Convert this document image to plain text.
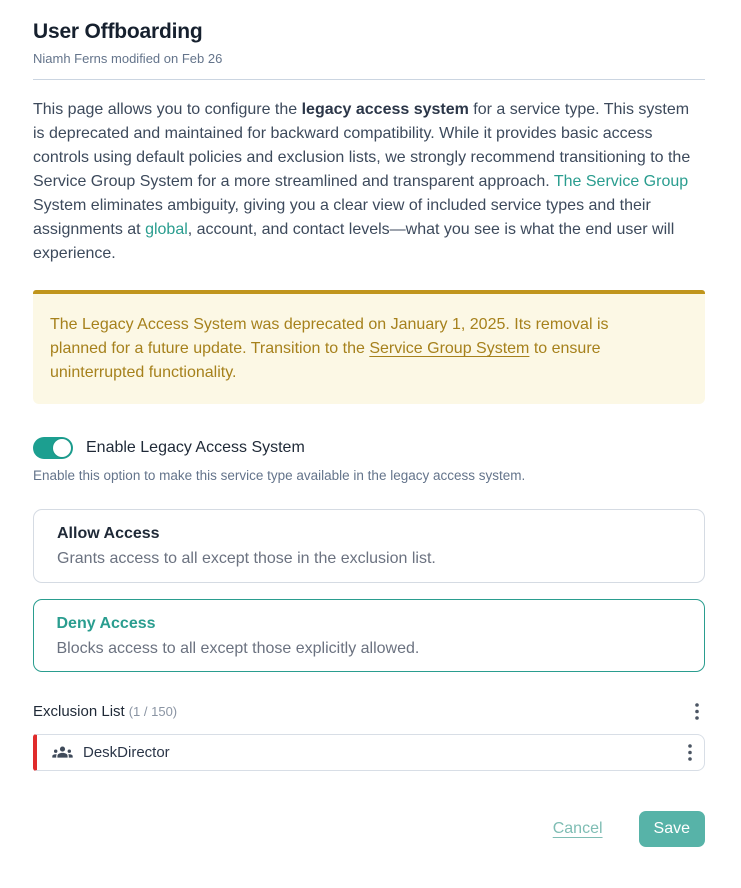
User Offboarding
Niamh Ferns modified on Feb 26

This page allows you to configure the legacy access system for a service type. This system is deprecated and maintained for backward compatibility. While it provides basic access controls using default policies and exclusion lists, we strongly recommend transitioning to the Service Group System for a more streamlined and transparent approach. The Service Group System eliminates ambiguity, giving you a clear view of included service types and their assignments at global, account, and contact levels—what you see is what the end user will experience.

The Legacy Access System was deprecated on January 1, 2025. Its removal is planned for a future update. Transition to the Service Group System to ensure uninterrupted functionality.

Enable Legacy Access System
Enable this option to make this service type available in the legacy access system.
Allow Access
Grants access to all except those in the exclusion list.
Deny Access
Blocks access to all except those explicitly allowed.
Exclusion List (1 / 150)
DeskDirector
Cancel	Save
